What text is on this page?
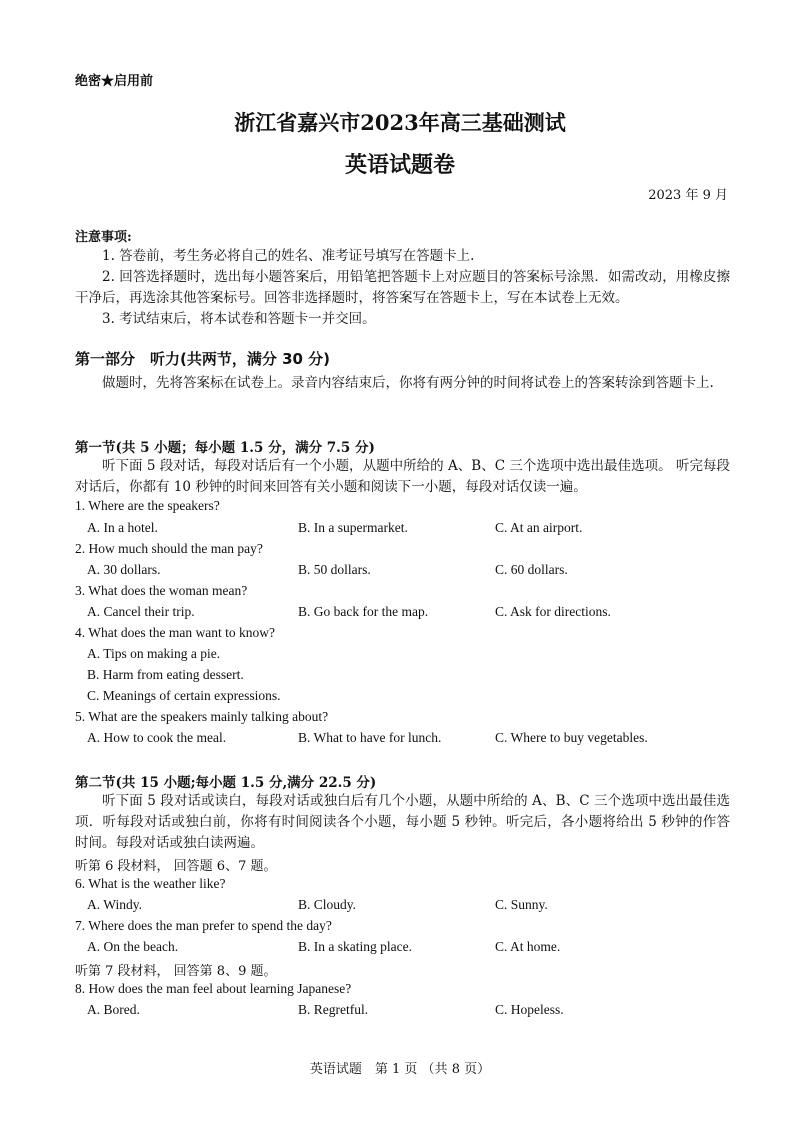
绝密★启用前
浙江省嘉兴市2023年高三基础测试
英语试题卷
2023 年 9 月
注意事项:
1. 答卷前，考生务必将自己的姓名、准考证号填写在答题卡上.
2. 回答选择题时，选出每小题答案后，用铅笔把答题卡上对应题目的答案标号涂黑．如需改动，用橡皮擦干净后，再选涂其他答案标号。回答非选择题时，将答案写在答题卡上，写在本试卷上无效。
3. 考试结束后，将本试卷和答题卡一并交回。
第一部分　听力(共两节，满分 30 分)
做题时，先将答案标在试卷上。录音内容结束后，你将有两分钟的时间将试卷上的答案转涂到答题卡上.
第一节(共 5 小题；每小题 1.5 分，满分 7.5 分)
听下面 5 段对话，每段对话后有一个小题，从题中所给的 A、B、C 三个选项中选出最佳选项。 听完每段对话后，你都有 10 秒钟的时间来回答有关小题和阅读下一小题，每段对话仅读一遍。
1. Where are the speakers?
A. In a hotel.	B. In a supermarket.	C. At an airport.
2. How much should the man pay?
A. 30 dollars.	B. 50 dollars.	C. 60 dollars.
3. What does the woman mean?
A. Cancel their trip.	B. Go back for the map.	C. Ask for directions.
4. What does the man want to know?
A. Tips on making a pie.
B. Harm from eating dessert.
C. Meanings of certain expressions.
5. What are the speakers mainly talking about?
A. How to cook the meal.	B. What to have for lunch.	C. Where to buy vegetables.
第二节(共 15 小题;每小题 1.5 分,满分 22.5 分)
听下面 5 段对话或读白，每段对话或独白后有几个小题，从题中所给的 A、B、C 三个选项中选出最佳选项．听每段对话或独白前，你将有时间阅读各个小题，每小题 5 秒钟。听完后，各小题将给出 5 秒钟的作答时间。每段对话或独白读两遍。
听第 6 段材料， 回答题 6、7 题。
6. What is the weather like?
A. Windy.	B. Cloudy.	C. Sunny.
7. Where does the man prefer to spend the day?
A. On the beach.	B. In a skating place.	C. At home.
听第 7 段材料， 回答第 8、9 题。
8. How does the man feel about learning Japanese?
A. Bored.	B. Regretful.	C. Hopeless.
英语试题　第 1 页 （共 8 页）
